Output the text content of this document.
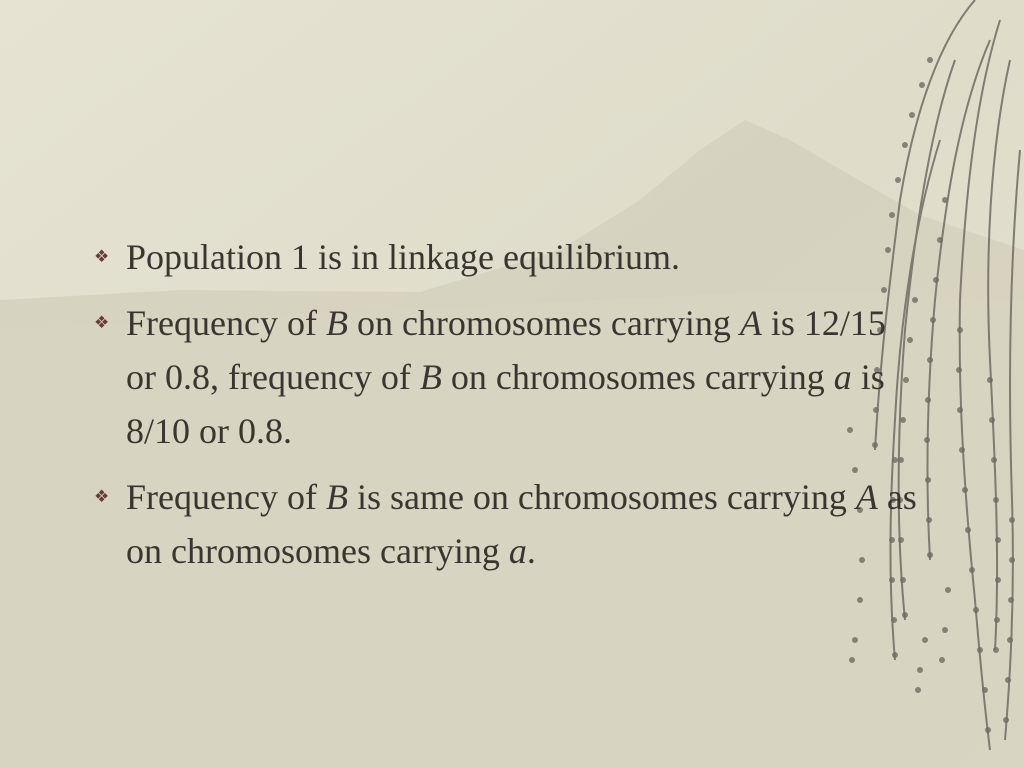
❖ Population 1 is in linkage equilibrium.
❖ Frequency of B on chromosomes carrying A is 12/15 or 0.8, frequency of B on chromosomes carrying a is 8/10 or 0.8.
❖ Frequency of B is same on chromosomes carrying A as on chromosomes carrying a.
